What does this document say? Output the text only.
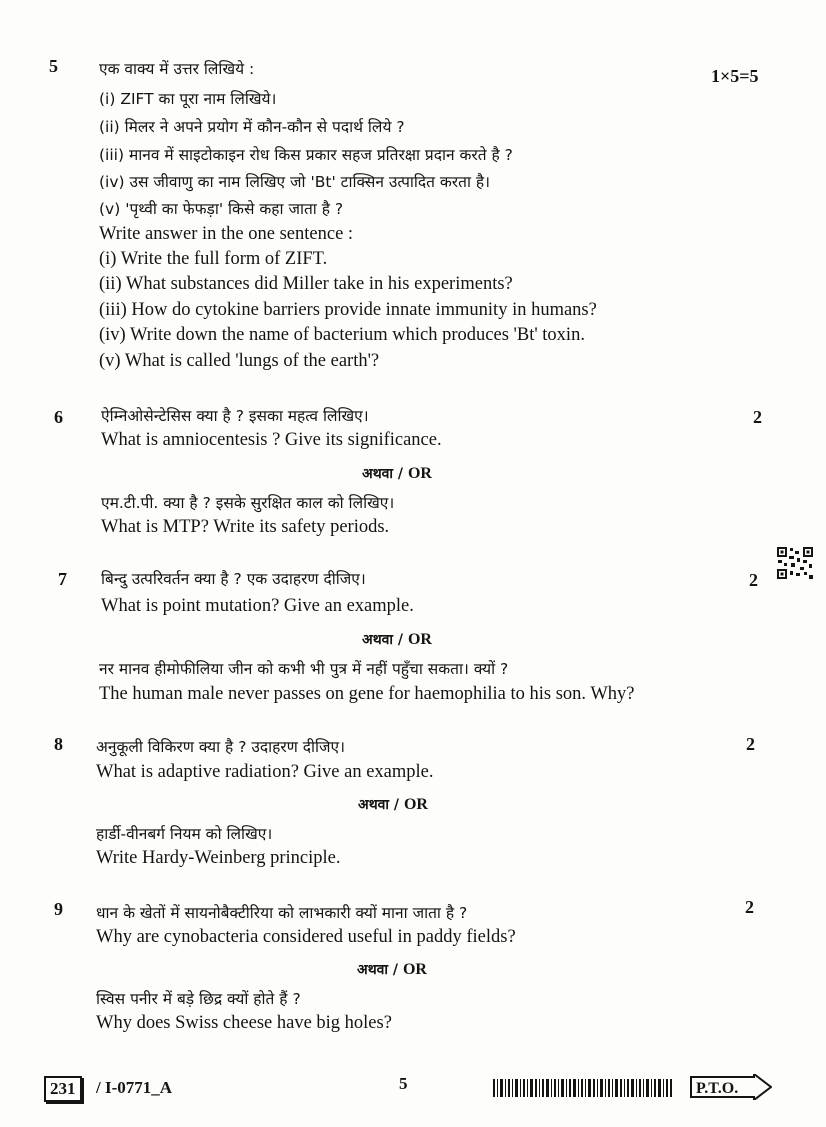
5	1×5=5
एक वाक्य में उत्तर लिखिये :
(i) ZIFT का पूरा नाम लिखिये।
(ii) मिलर ने अपने प्रयोग में कौन-कौन से पदार्थ लिये ?
(iii) मानव में साइटोकाइन रोध किस प्रकार सहज प्रतिरक्षा प्रदान करते है ?
(iv) उस जीवाणु का नाम लिखिए जो 'Bt' टाक्सिन उत्पादित करता है।
(v) 'पृथ्वी का फेफड़ा' किसे कहा जाता है ?
Write answer in the one sentence :
(i) Write the full form of ZIFT.
(ii) What substances did Miller take in his experiments?
(iii) How do cytokine barriers provide innate immunity in humans?
(iv) Write down the name of bacterium which produces 'Bt' toxin.
(v) What is called 'lungs of the earth'?
6	2
ऐम्निओसेन्टेसिस क्या है ? इसका महत्व लिखिए।
What is amniocentesis ? Give its significance.
अथवा / OR
एम.टी.पी. क्या है ? इसके सुरक्षित काल को लिखिए।
What is MTP? Write its safety periods.
7	2
बिन्दु उत्परिवर्तन क्या है ? एक उदाहरण दीजिए।
What is point mutation? Give an example.
अथवा / OR
नर मानव हीमोफीलिया जीन को कभी भी पुत्र में नहीं पहुँचा सकता। क्यों ?
The human male never passes on gene for haemophilia to his son. Why?
8	2
अनुकूली विकिरण क्या है ? उदाहरण दीजिए।
What is adaptive radiation? Give an example.
अथवा / OR
हार्डी-वीनबर्ग नियम को लिखिए।
Write Hardy-Weinberg principle.
9	2
धान के खेतों में सायनोबैक्टीरिया को लाभकारी क्यों माना जाता है ?
Why are cynobacteria considered useful in paddy fields?
अथवा / OR
स्विस पनीर में बड़े छिद्र क्यों होते हैं ?
Why does Swiss cheese have big holes?
231	/ I-0771_A	5	P.T.O.
